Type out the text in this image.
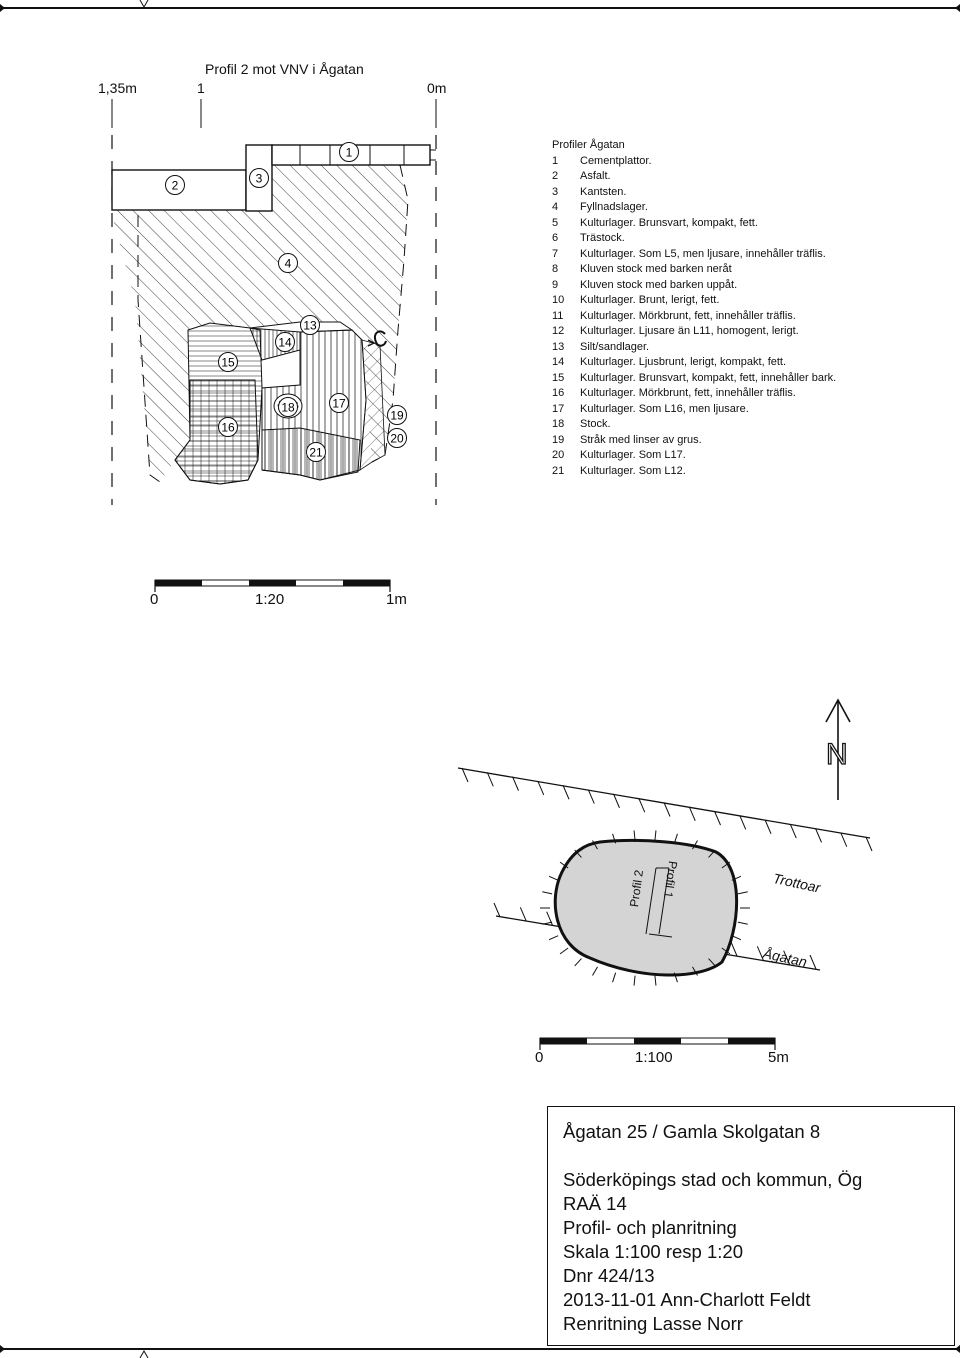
1
2	3
4
13
14
15
16
17
18
19
20
21
Profil 2 mot VNV i Ågatan
1,35m	1	0m
Profiler Ågatan
1	Cementplattor.
2	Asfalt.
3	Kantsten.
4	Fyllnadslager.
5	Kulturlager. Brunsvart, kompakt, fett.
6	Trästock.
7	Kulturlager. Som L5, men ljusare, innehåller träflis.
8	Kluven stock med barken neråt
9	Kluven stock med barken uppåt.
10	Kulturlager. Brunt, lerigt, fett.
11	Kulturlager. Mörkbrunt, fett, innehåller träflis.
12	Kulturlager. Ljusare än L11, homogent, lerigt.
13	Silt/sandlager.
14	Kulturlager. Ljusbrunt, lerigt, kompakt, fett.
15	Kulturlager. Brunsvart, kompakt, fett, innehåller bark.
16	Kulturlager. Mörkbrunt, fett, innehåller träflis.
17	Kulturlager. Som L16, men ljusare.
18	Stock.
19	Stråk med linser av grus.
20	Kulturlager. Som L17.
21	Kulturlager. Som L12.
0	1:20	1m
N
Profil 2 Profil 1	Trottoar
Ågatan
0	1:100	5m
Ågatan 25 / Gamla Skolgatan 8
Söderköpings stad och kommun, Ög
RAÄ 14
Profil- och planritning
Skala 1:100 resp 1:20
Dnr 424/13
2013-11-01 Ann-Charlott Feldt
Renritning Lasse Norr
